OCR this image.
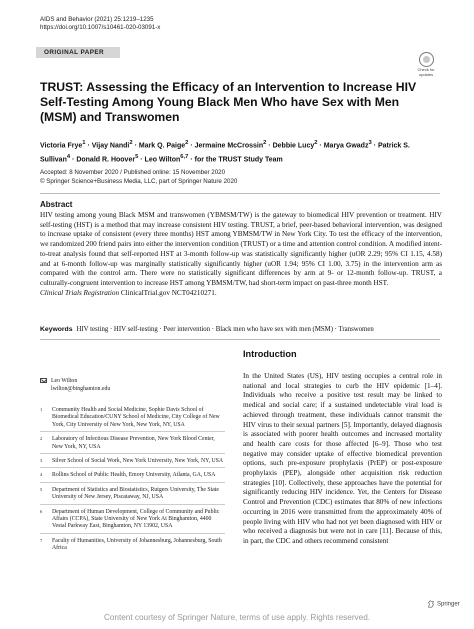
AIDS and Behavior (2021) 25:1219–1235
https://doi.org/10.1007/s10461-020-03091-x
ORIGINAL PAPER
Check for
updates
TRUST: Assessing the Efficacy of an Intervention to Increase HIV Self-Testing Among Young Black Men Who have Sex with Men (MSM) and Transwomen
Victoria Frye$^1$ · Vijay Nandi$^2$ · Mark Q. Paige$^2$ · Jermaine McCrossin$^2$ · Debbie Lucy$^2$ · Marya Gwadz$^3$ · Patrick S. Sullivan$^4$ · Donald R. Hoover$^5$ · Leo Wilton$^{6,7}$ · for the TRUST Study Team
Accepted: 8 November 2020 / Published online: 15 November 2020
© Springer Science+Business Media, LLC, part of Springer Nature 2020
Abstract
HIV testing among young Black MSM and transwomen (YBMSM/TW) is the gateway to biomedical HIV prevention or treatment. HIV self-testing (HST) is a method that may increase consistent HIV testing. TRUST, a brief, peer-based behavioral intervention, was designed to increase uptake of consistent (every three months) HST among YBMSM/TW in New York City. To test the efficacy of the intervention, we randomized 200 friend pairs into either the intervention condition (TRUST) or a time and attention control condition. A modified intent-to-treat analysis found that self-reported HST at 3-month follow-up was statistically significantly higher (uOR 2.29; 95% CI 1.15, 4.58) and at 6-month follow-up was marginally statistically significantly higher (uOR 1.94; 95% CI 1.00, 3.75) in the intervention arm as compared with the control arm. There were no statistically significant differences by arm at 9- or 12-month follow-up. TRUST, a culturally-congruent intervention to increase HST among YBMSM/TW, had short-term impact on past-three month HST.
Clinical Trials Registration ClinicalTrial.gov NCT04210271.
Keywords HIV testing · HIV self-testing · Peer intervention · Black men who have sex with men (MSM) · Transwomen
Leo Wilton
lwilton@binghamton.edu
1 Community Health and Social Medicine, Sophie Davis School of Biomedical Education/CUNY School of Medicine, City College of New York, City University of New York, New York, NY, USA
2 Laboratory of Infectious Disease Prevention, New York Blood Center, New York, NY, USA
3 Silver School of Social Work, New York University, New York, NY, USA
4 Rollins School of Public Health, Emory University, Atlanta, GA, USA
5 Department of Statistics and Biostatistics, Rutgers University, The State University of New Jersey, Piscataway, NJ, USA
6 Department of Human Development, College of Community and Public Affairs (CCPA), State University of New York At Binghamton, 4400 Vestal Parkway East, Binghamton, NY 13902, USA
7 Faculty of Humanities, University of Johannesburg, Johannesburg, South Africa
Introduction
In the United States (US), HIV testing occupies a central role in national and local strategies to curb the HIV epidemic [1–4]. Individuals who receive a positive test result may be linked to medical and social care; if a sustained undetectable viral load is achieved through treatment, these individuals cannot transmit the HIV virus to their sexual partners [5]. Importantly, delayed diagnosis is associated with poorer health outcomes and increased mortality and health care costs for those affected [6–9]. Those who test negative may consider uptake of effective biomedical prevention options, such pre-exposure prophylaxis (PrEP) or post-exposure prophylaxis (PEP), alongside other acquisition risk reduction strategies [10]. Collectively, these approaches have the potential for significantly reducing HIV incidence. Yet, the Centers for Disease Control and Prevention (CDC) estimates that 80% of new infections occurring in 2016 were transmitted from the approximately 40% of people living with HIV who had not yet been diagnosed with HIV or who received a diagnosis but were not in care [11]. Because of this, in part, the CDC and others recommend consistent
Springer
Content courtesy of Springer Nature, terms of use apply. Rights reserved.
